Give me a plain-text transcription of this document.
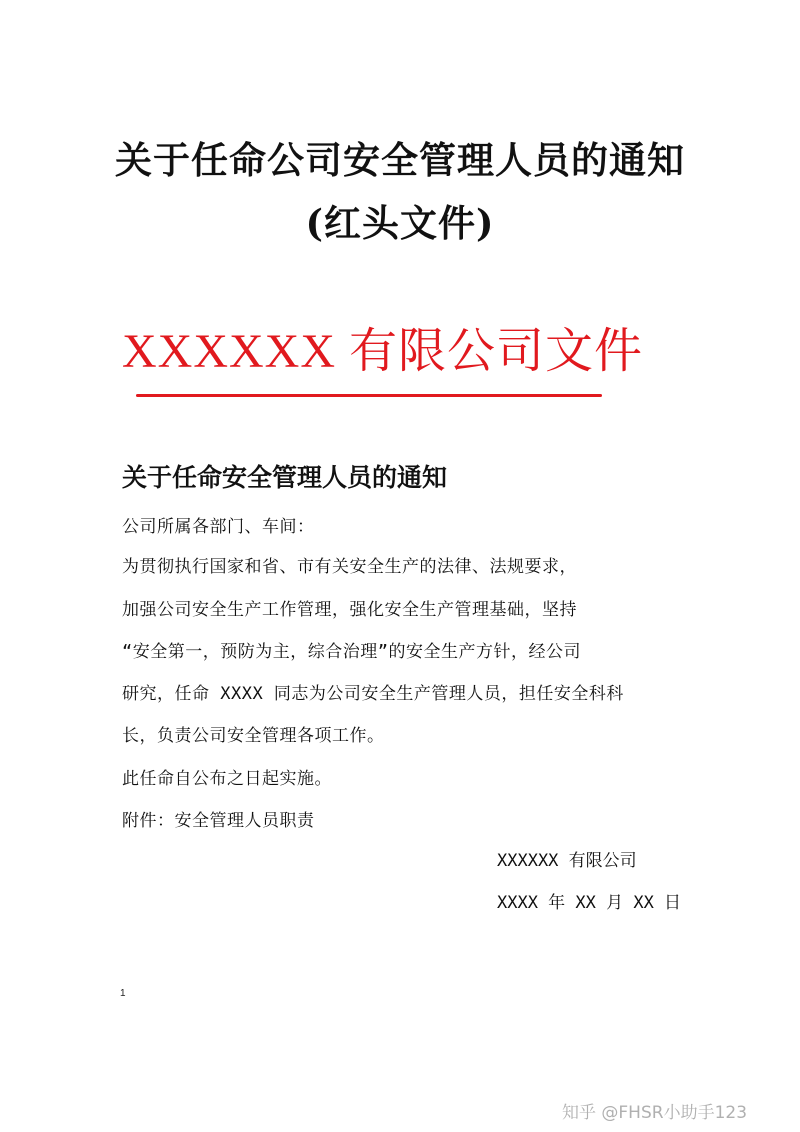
关于任命公司安全管理人员的通知
(红头文件)
XXXXXX 有限公司文件
关于任命安全管理人员的通知
公司所属各部门、车间：
为贯彻执行国家和省、市有关安全生产的法律、法规要求，
加强公司安全生产工作管理，强化安全生产管理基础，坚持
“安全第一，预防为主，综合治理”的安全生产方针，经公司
研究，任命 XXXX 同志为公司安全生产管理人员，担任安全科科
长，负责公司安全管理各项工作。
此任命自公布之日起实施。
附件：安全管理人员职责
XXXXXX 有限公司
XXXX 年 XX 月 XX 日
1
知乎 @FHSR小助手123
